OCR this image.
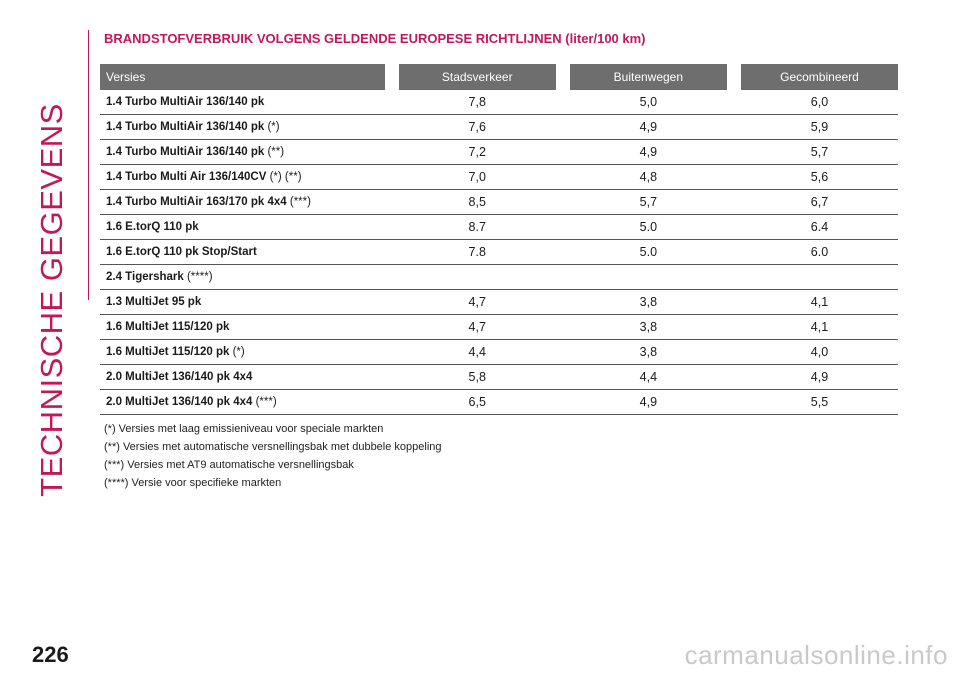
TECHNISCHE GEGEVENS
BRANDSTOFVERBRUIK VOLGENS GELDENDE EUROPESE RICHTLIJNEN (liter/100 km)
Versies		Stadsverkeer		Buitenwegen		Gecombineerd
1.4 Turbo MultiAir 136/140 pk		7,8		5,0		6,0
1.4 Turbo MultiAir 136/140 pk (*)		7,6		4,9		5,9
1.4 Turbo MultiAir 136/140 pk (**)		7,2		4,9		5,7
1.4 Turbo Multi Air 136/140CV (*) (**)		7,0		4,8		5,6
1.4 Turbo MultiAir 163/170 pk 4x4 (***)		8,5		5,7		6,7
1.6 E.torQ 110 pk		8.7		5.0		6.4
1.6 E.torQ 110 pk Stop/Start		7.8		5.0		6.0
2.4 Tigershark (****)						
1.3 MultiJet 95 pk		4,7		3,8		4,1
1.6 MultiJet 115/120 pk		4,7		3,8		4,1
1.6 MultiJet 115/120 pk (*)		4,4		3,8		4,0
2.0 MultiJet 136/140 pk 4x4		5,8		4,4		4,9
2.0 MultiJet 136/140 pk 4x4 (***)		6,5		4,9		5,5
(*) Versies met laag emissieniveau voor speciale markten
(**) Versies met automatische versnellingsbak met dubbele koppeling
(***) Versies met AT9 automatische versnellingsbak
(****) Versie voor specifieke markten
226	carmanualsonline.info
